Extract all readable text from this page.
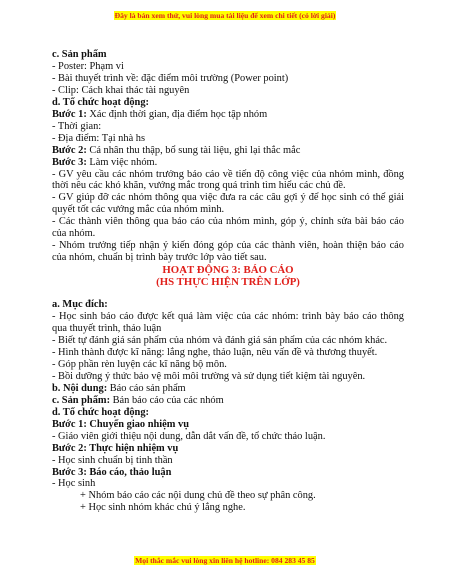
Đây là bản xem thử, vui lòng mua tài liệu để xem chi tiết (có lời giải)

c. Sản phẩm

- Poster: Phạm vi

- Bài thuyết trình về: đặc điểm môi trường (Power point)

- Clip: Cách khai thác tài nguyên

d. Tổ chức hoạt động:

Bước 1: Xác định thời gian, địa điểm học tập nhóm

- Thời gian:

- Địa điểm: Tại nhà hs

Bước 2: Cá nhân thu thập, bổ sung tài liệu, ghi lại thắc mắc

Bước 3: Làm việc nhóm.

- GV yêu cầu các nhóm trưởng báo cáo về tiến độ công việc của nhóm mình, đồng thời nêu các khó khăn, vướng mắc trong quá trình tìm hiểu các chủ đề.

- GV giúp đỡ các nhóm thông qua việc đưa ra các câu gợi ý để học sinh có thể giải quyết tốt các vướng mắc của nhóm mình.

- Các thành viên thông qua báo cáo của nhóm mình, góp ý, chỉnh sửa bài báo cáo của nhóm.

- Nhóm trưởng tiếp nhận ý kiến đóng góp của các thành viên, hoàn thiện báo cáo của nhóm, chuẩn bị trình bày trước lớp vào tiết sau.

HOẠT ĐỘNG 3: BÁO CÁO

(HS THỰC HIỆN TRÊN LỚP)

a. Mục đích:

- Học sinh báo cáo được kết quả làm việc của các nhóm: trình bày báo cáo thông qua thuyết trình, thảo luận

- Biết tự đánh giá sản phẩm của nhóm và đánh giá sản phẩm của các nhóm khác.

- Hình thành được kĩ năng: lắng nghe, thảo luận, nêu vấn đề và thương thuyết.

- Góp phần rèn luyện các kĩ năng bộ môn.

- Bồi dưỡng ý thức bảo vệ môi môi trường và sử dụng tiết kiệm tài nguyên.

b. Nội dung: Báo cáo sản phẩm

c. Sản phẩm: Bản báo cáo của các nhóm

d. Tổ chức hoạt động:

Bước 1: Chuyển giao nhiệm vụ

- Giáo viên giới thiệu nội dung, dẫn dắt vấn đề, tổ chức thảo luận.

Bước 2: Thực hiện nhiệm vụ

- Học sinh chuẩn bị tinh thần

Bước 3: Báo cáo, thảo luận

- Học sinh

+ Nhóm báo cáo các nội dung chủ đề theo sự phân công.

+ Học sinh nhóm khác chú ý lắng nghe.

Mọi thắc mắc vui lòng xin liên hệ hotline: 084 283 45 85
